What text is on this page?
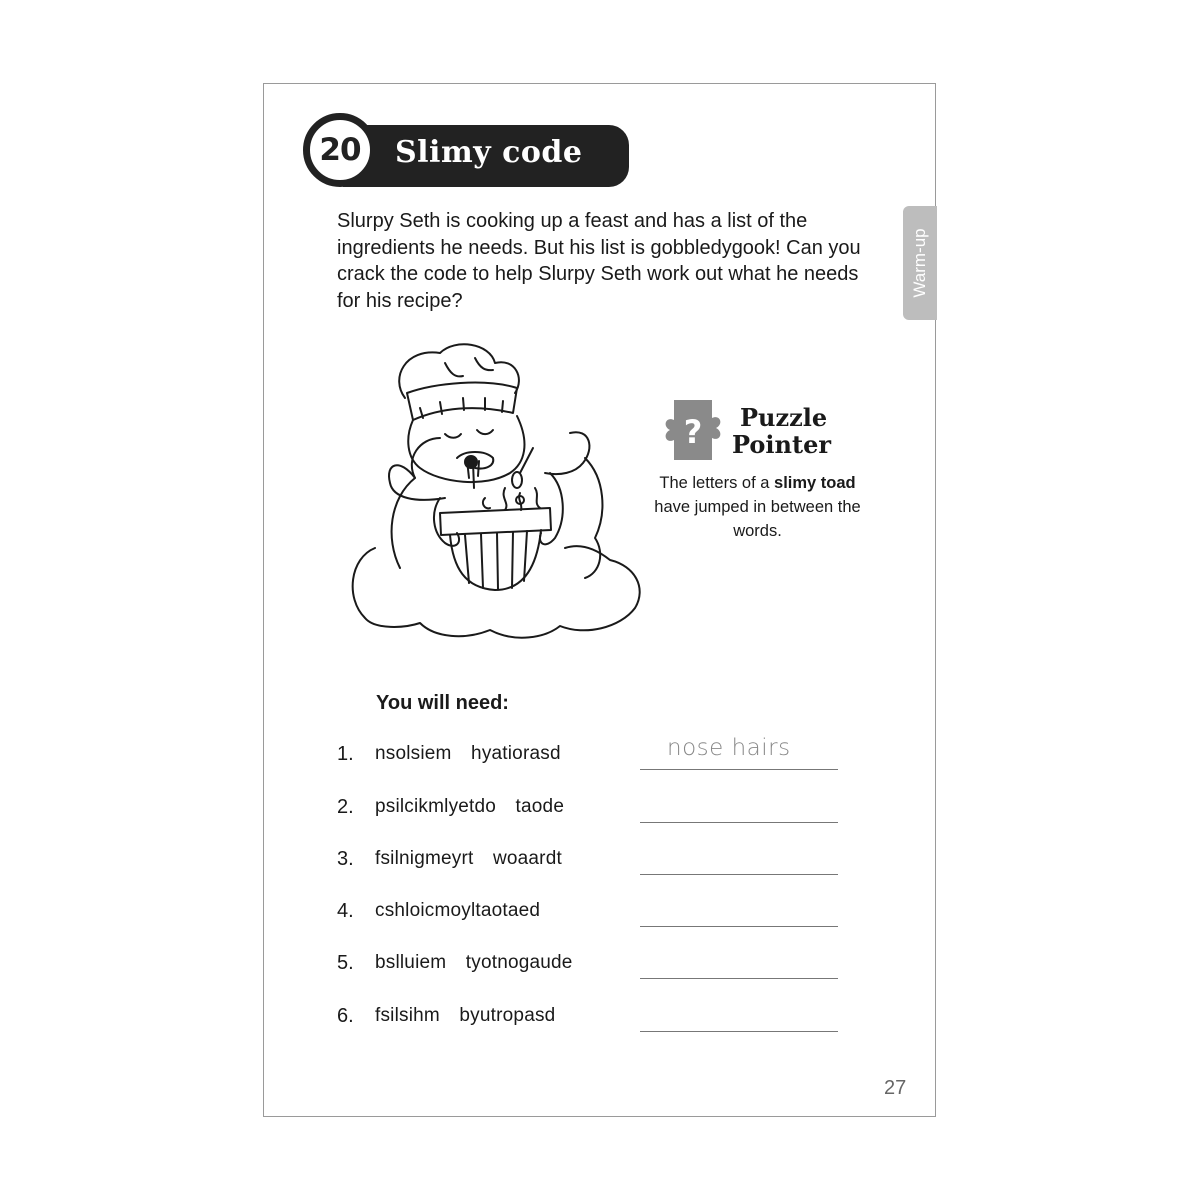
20	Slimy code
Warm-up

Slurpy Seth is cooking up a feast and has a list of the ingredients he needs. But his list is gobbledygook! Can you crack the code to help Slurpy Seth work out what he needs for his recipe?

? Puzzle
Pointer
The letters of a slimy toad have jumped in between the words.
You will need:
1. nsolsiem hyatiorasd	nose hairs
2. psilcikmlyetdo taode
3. fsilnigmeyrt woaardt
4. cshloicmoyltaotaed
5. bslluiem tyotnogaude
6. fsilsihm byutropasd
27
